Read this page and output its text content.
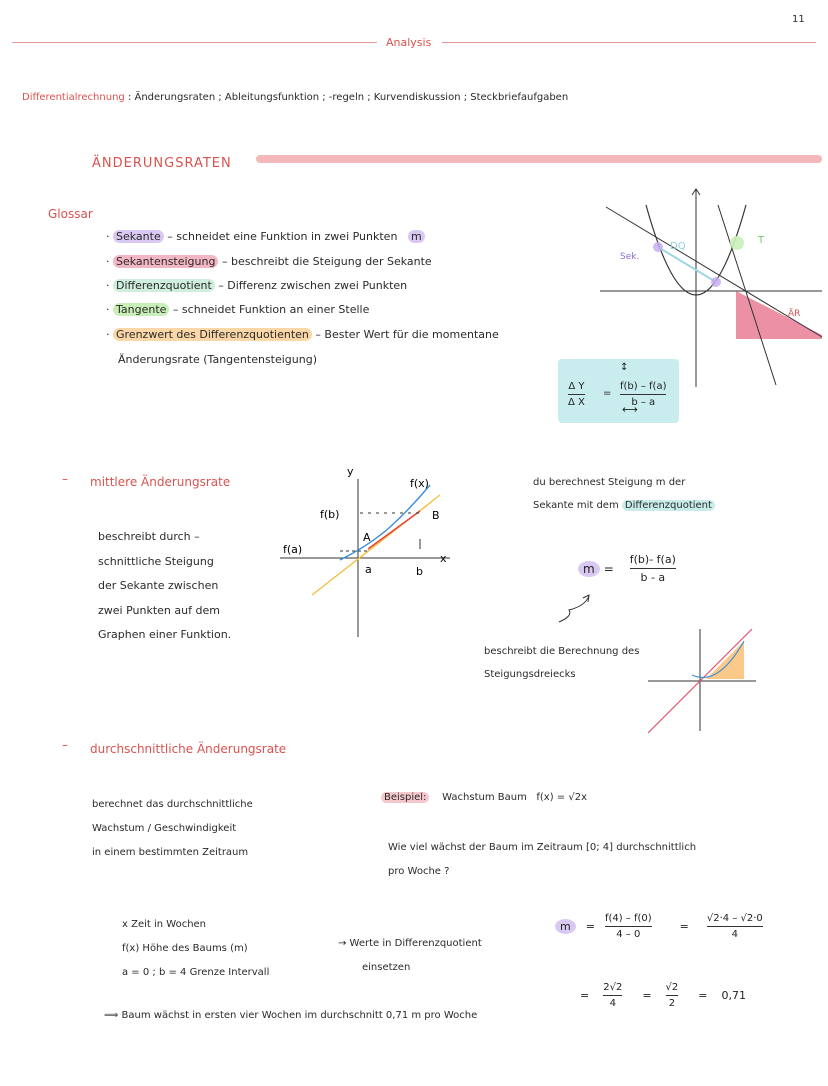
11
Analysis
Differentialrechnung : Änderungsraten ; Ableitungsfunktion ; -regeln ; Kurvendiskussion ; Steckbriefaufgaben
ÄNDERUNGSRATEN
Glossar
· Sekante – schneidet eine Funktion in zwei Punkten m
· Sekantensteigung – beschreibt die Steigung der Sekante
· Differenzquotient – Differenz zwischen zwei Punkten
· Tangente – schneidet Funktion an einer Stelle
· Grenzwert des Differenzquotienten – Bester Wert für die momentane
Änderungsrate (Tangentensteigung)
Sek.
DQ
T
ÄR
↕
Δ Y
Δ X
=
f(b) – f(a)
b – a
⟷
– mittlere Änderungsrate
beschreibt durch –
schnittliche Steigung
der Sekante zwischen
zwei Punkten auf dem
Graphen einer Funktion.
y
x
f(x)
f(b)
f(a)
A
B
a	b
du berechnest Steigung m der
Sekante mit dem Differenzquotient
$m = \frac{f(b)- f(a)}{b - a}$
beschreibt die Berechnung des
Steigungsdreiecks
– durchschnittliche Änderungsrate
berechnet das durchschnittliche
Wachstum / Geschwindigkeit
in einem bestimmten Zeitraum
Beispiel: Wachstum Baum f(x) = √2x
Wie viel wächst der Baum im Zeitraum [0; 4] durchschnittlich
pro Woche ?
x Zeit in Wochen
f(x) Höhe des Baums (m)
a = 0 ; b = 4 Grenze Intervall
→ Werte in Differenzquotient
einsetzen
m	= $\frac{f(4) - f(0)}{4 - 0}$	= $\frac{√2\cdot 4 - √2\cdot 0}{4}$
= $\frac{2√2}{4} = \frac{√2}{2} = 0,71$
⟹ Baum wächst in ersten vier Wochen im durchschnitt 0,71 m pro Woche
